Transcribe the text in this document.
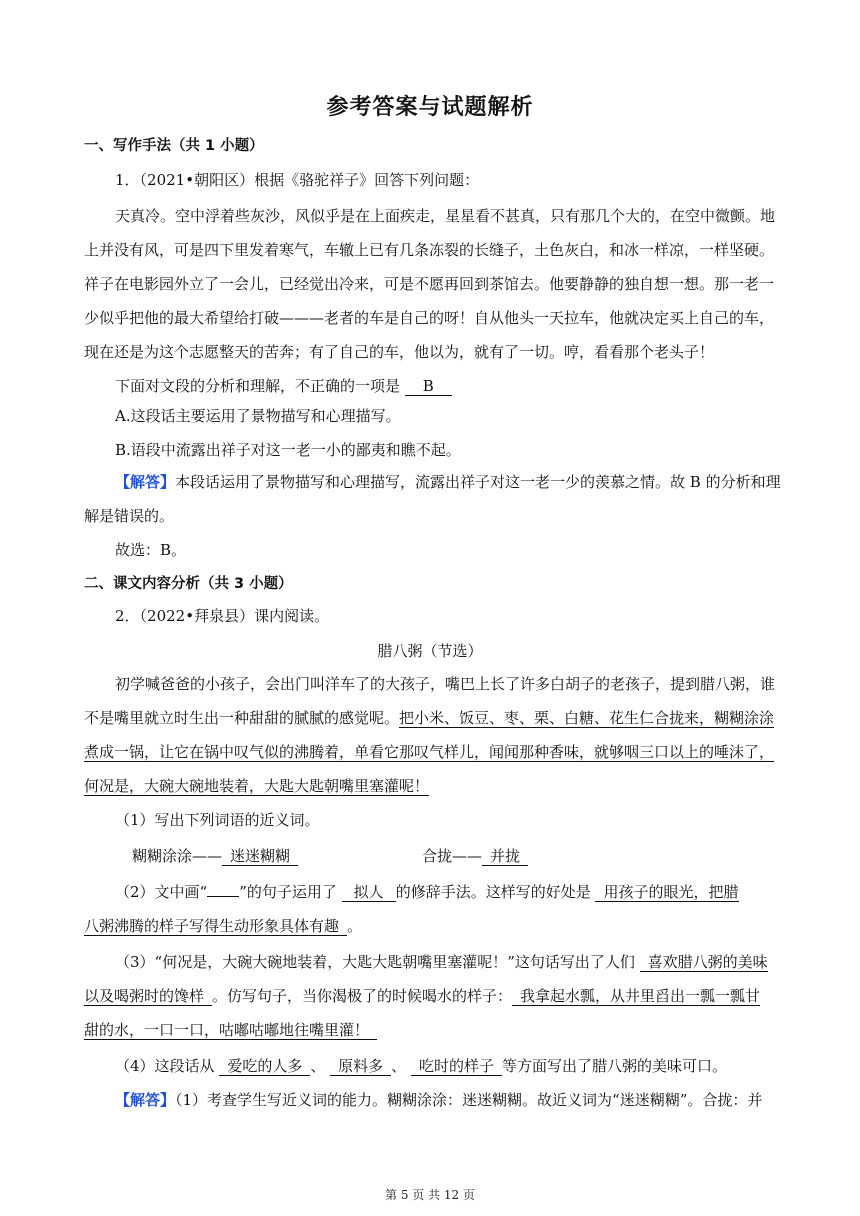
参考答案与试题解析
一、写作手法（共 1 小题）
1．（2021•朝阳区）根据《骆驼祥子》回答下列问题：
天真冷。空中浮着些灰沙，风似乎是在上面疾走，星星看不甚真，只有那几个大的，在空中微颤。地
上并没有风，可是四下里发着寒气，车辙上已有几条冻裂的长缝子，土色灰白，和冰一样凉，一样坚硬。
祥子在电影园外立了一会儿，已经觉出冷来，可是不愿再回到茶馆去。他要静静的独自想一想。那一老一
少似乎把他的最大希望给打破———老者的车是自己的呀！自从他头一天拉车，他就决定买上自己的车，
现在还是为这个志愿整天的苦奔；有了自己的车，他以为，就有了一切。哼，看看那个老头子！
下面对文段的分析和理解，不正确的一项是 B
A.这段话主要运用了景物描写和心理描写。
B.语段中流露出祥子对这一老一小的鄙夷和瞧不起。
【解答】本段话运用了景物描写和心理描写，流露出祥子对这一老一少的羡慕之情。故 B 的分析和理
解是错误的。
故选：B。
二、课文内容分析（共 3 小题）
2．（2022•拜泉县）课内阅读。
腊八粥（节选）
初学喊爸爸的小孩子，会出门叫洋车了的大孩子，嘴巴上长了许多白胡子的老孩子，提到腊八粥，谁
不是嘴里就立时生出一种甜甜的腻腻的感觉呢。把小米、饭豆、枣、栗、白糖、花生仁合拢来，糊糊涂涂
煮成一锅，让它在锅中叹气似的沸腾着，单看它那叹气样儿，闻闻那种香味，就够咽三口以上的唾沫了，
何况是，大碗大碗地装着，大匙大匙朝嘴里塞灌呢！
（1）写出下列词语的近义词。
糊糊涂涂—— 迷迷糊糊	合拢—— 并拢
（2）文中画“ ”的句子运用了 拟人 的修辞手法。这样写的好处是 用孩子的眼光，把腊
八粥沸腾的样子写得生动形象具体有趣 。
（3）“何况是，大碗大碗地装着，大匙大匙朝嘴里塞灌呢！”这句话写出了人们 喜欢腊八粥的美味
以及喝粥时的馋样 。仿写句子，当你渴极了的时候喝水的样子： 我拿起水瓢，从井里舀出一瓢一瓢甘
甜的水，一口一口，咕嘟咕嘟地往嘴里灌！
（4）这段话从 爱吃的人多 、 原料多 、 吃时的样子 等方面写出了腊八粥的美味可口。
【解答】（1）考查学生写近义词的能力。糊糊涂涂：迷迷糊糊。故近义词为“迷迷糊糊”。合拢：并
第 5 页 共 12 页
